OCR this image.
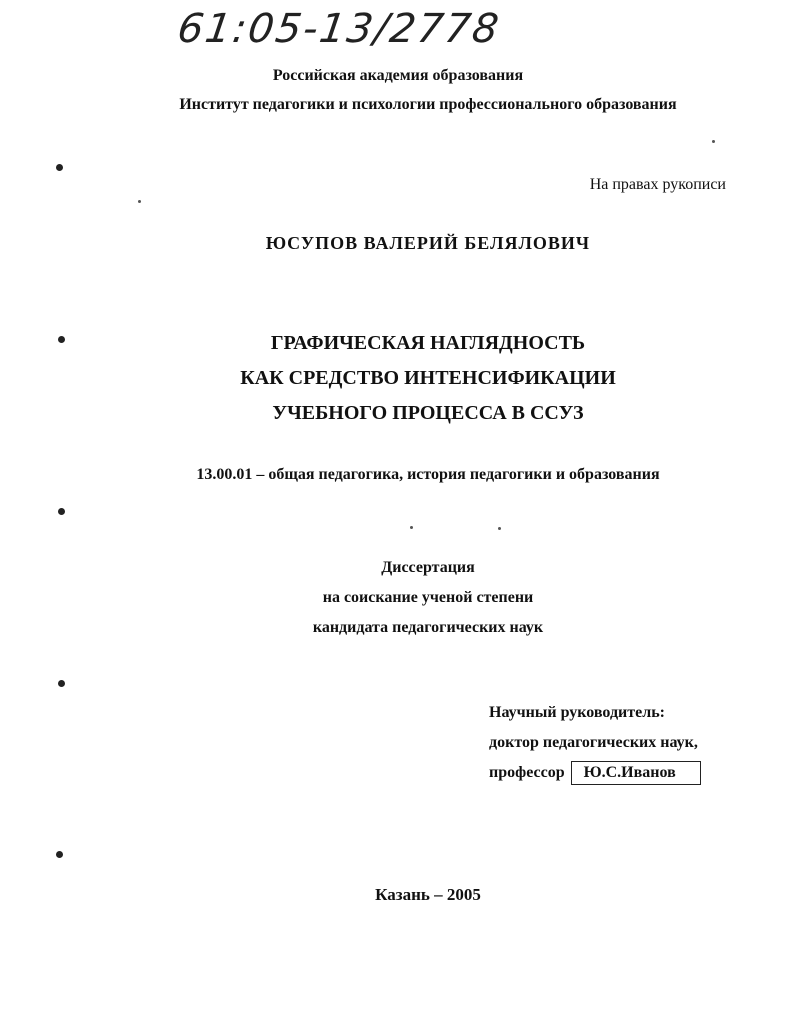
61:05-13/2778
Российская академия образования
Институт педагогики и психологии профессионального образования
На правах рукописи
ЮСУПОВ ВАЛЕРИЙ БЕЛЯЛОВИЧ
ГРАФИЧЕСКАЯ НАГЛЯДНОСТЬ
КАК СРЕДСТВО ИНТЕНСИФИКАЦИИ
УЧЕБНОГО ПРОЦЕССА В ССУЗ
13.00.01 – общая педагогика, история педагогики и образования
Диссертация
на соискание ученой степени
кандидата педагогических наук
Научный руководитель:
доктор педагогических наук,
профессор Ю.С.Иванов
Казань – 2005
